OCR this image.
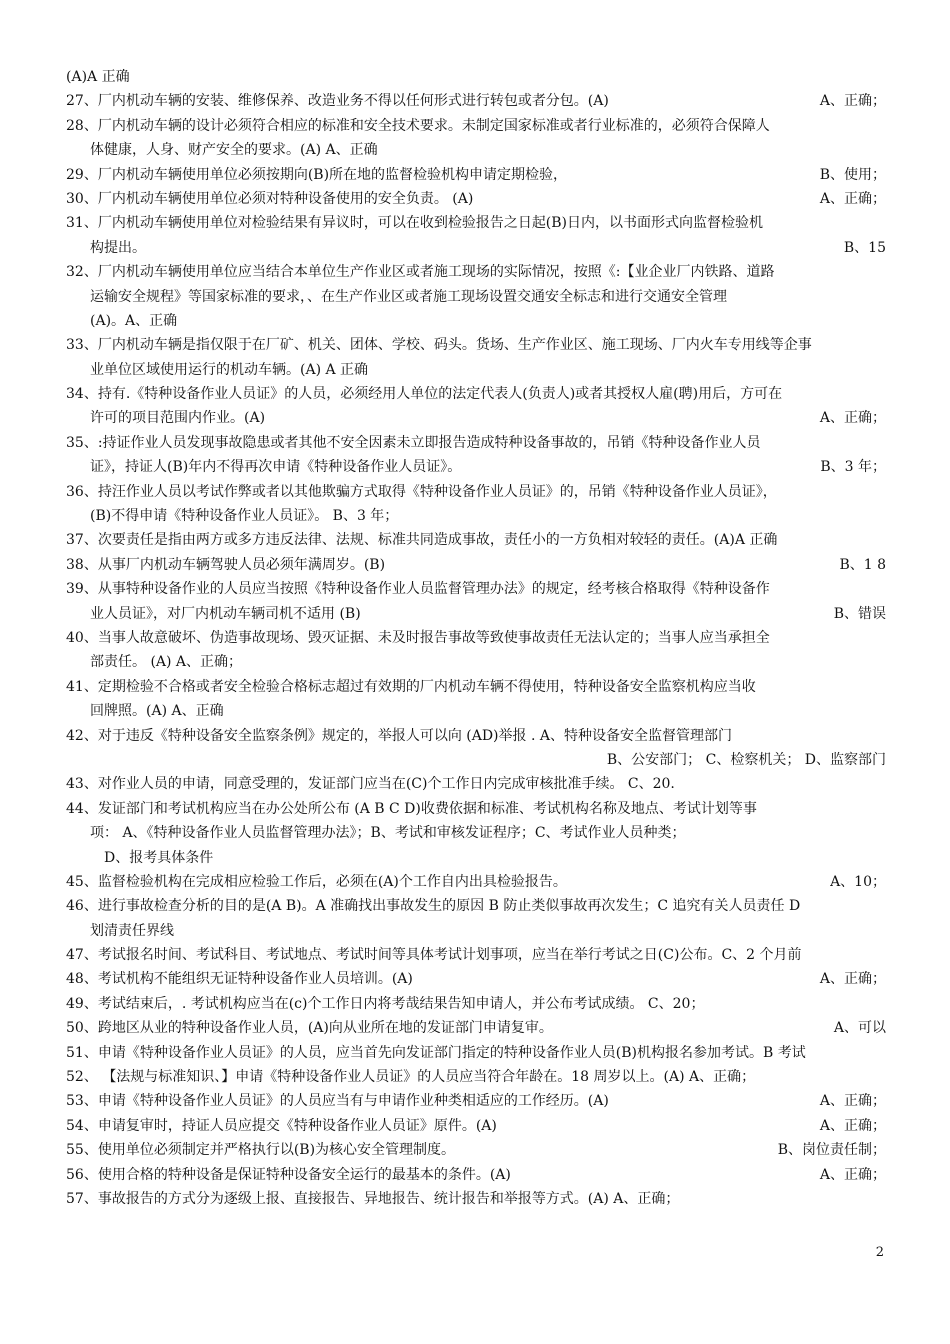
(A)A 正确
A、正确；
27、厂内机动车辆的安装、维修保养、改造业务不得以任何形式进行转包或者分包。(A)
28、厂内机动车辆的设计必须符合相应的标准和安全技术要求。未制定国家标准或者行业标准的，必须符合保障人
体健康，人身、财产安全的要求。(A) A、正确
B、使用；
29、厂内机动车辆使用单位必须按期向(B)所在地的监督检验机构申请定期检验，
A、正确；
30、厂内机动车辆使用单位必须对特种设备使用的安全负责。 (A)
31、厂内机动车辆使用单位对检验结果有异议时，可以在收到检验报告之日起(B)日内，以书面形式向监督检验机
B、15
构提出。
32、厂内机动车辆使用单位应当结合本单位生产作业区或者施工现场的实际情况，按照《:【业企业厂内铁路、道路
运输安全规程》等国家标准的要求，、在生产作业区或者施工现场设置交通安全标志和进行交通安全管理
(A)。A、正确
33、厂内机动车辆是指仅限于在厂矿、机关、团体、学校、码头。货场、生产作业区、施工现场、厂内火车专用线等企事
业单位区域使用运行的机动车辆。(A) A 正确
34、持有.《特种设备作业人员证》的人员，必须经用人单位的法定代表人(负责人)或者其授权人雇(聘)用后，方可在
A、正确；
许可的项目范围内作业。(A)
35、:持证作业人员发现事故隐患或者其他不安全因素未立即报告造成特种设备事故的，吊销《特种设备作业人员
B、3 年；
证》，持证人(B)年内不得再次申请《特种设备作业人员证》。
36、持汪作业人员以考试作弊或者以其他欺骗方式取得《特种设备作业人员证》的，吊销《特种设备作业人员证》，
(B)不得申请《特种设备作业人员证》。 B、3 年；
37、次要责任是指由两方或多方违反法律、法规、标准共同造成事故，责任小的一方负相对较轻的责任。(A)A 正确
B、1 8
38、从事厂内机动车辆驾驶人员必须年满周岁。(B)
39、从事特种设备作业的人员应当按照《特种设备作业人员监督管理办法》的规定，经考核合格取得《特种设备作
B、错误
业人员证》，对厂内机动车辆司机不适用 (B)
40、当事人故意破坏、伪造事故现场、毁灭证据、未及时报告事故等致使事故责任无法认定的；当事人应当承担全
部责任。 (A) A、正确；
41、定期检验不合格或者安全检验合格标志超过有效期的厂内机动车辆不得使用，特种设备安全监察机构应当收
回牌照。(A) A、正确
42、对于违反《特种设备安全监察条例》规定的，举报人可以向 (AD)举报 . A、特种设备安全监督管理部门
B、公安部门； C、检察机关； D、监察部门
43、对作业人员的申请，同意受理的，发证部门应当在(C)个工作日内完成审核批准手续。 C、20.
44、发证部门和考试机构应当在办公处所公布 (A B C D)收费依据和标准、考试机构名称及地点、考试计划等事
项： A、《特种设备作业人员监督管理办法》；B、考试和审核发证程序；C、考试作业人员种类；
D、报考具体条件
A、10；
45、监督检验机构在完成相应检验工作后，必须在(A)个工作自内出具检验报告。
46、进行事故检查分析的目的是(A B)。A 准确找出事故发生的原因 B 防止类似事故再次发生；C 追究有关人员责任 D
划清责任界线
47、考试报名时间、考试科目、考试地点、考试时间等具体考试计划事项，应当在举行考试之日(C)公布。C、2 个月前
A、正确；
48、考试机构不能组织无证特种设备作业人员培训。(A)
49、考试结束后，. 考试机构应当在(c)个工作日内将考哉结果告知申请人，并公布考试成绩。 C、20；
A、可以
50、跨地区从业的特种设备作业人员，(A)向从业所在地的发证部门申请复审。
51、申请《特种设备作业人员证》的人员，应当首先向发证部门指定的特种设备作业人员(B)机构报名参加考试。B 考试
52、 【法规与标准知识、】申请《特种设备作业人员证》的人员应当符合年龄在。18 周岁以上。(A) A、正确；
A、正确；
53、申请《特种设备作业人员证》的人员应当有与申请作业种类相适应的工作经历。(A)
A、正确；
54、申请复审时，持证人员应提交《特种设备作业人员证》原件。(A)
B、岗位责任制；
55、使用单位必须制定并严格执行以(B)为核心安全管理制度。
A、正确；
56、使用合格的特种设备是保证特种设备安全运行的最基本的条件。(A)
57、事故报告的方式分为逐级上报、直接报告、异地报告、统计报告和举报等方式。(A) A、正确；
2
